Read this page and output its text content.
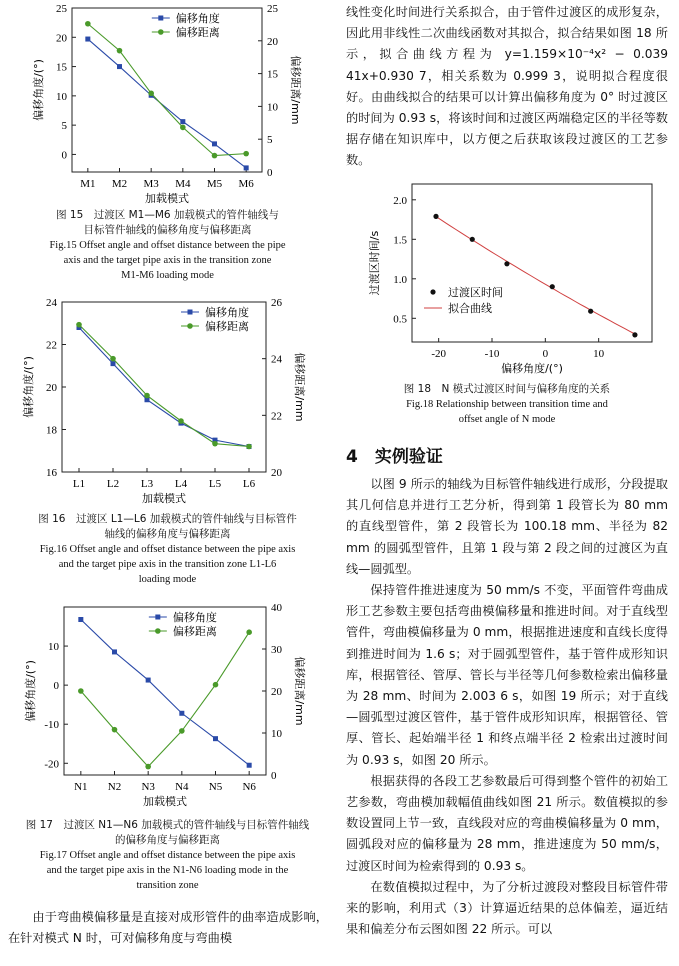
0
5
10
15
20
25
0
5
10
15
20
25
M1 M2 M3 M4 M5 M6
加载模式
偏移角度/(°)	偏移距离/mm
偏移角度
偏移距离
图 15　过渡区 M1—M6 加载模式的管件轴线与
目标管件轴线的偏移角度与偏移距离
Fig.15 Offset angle and offset distance between the pipe
axis and the target pipe axis in the transition zone
M1-M6 loading mode
16
18
20
22
24
20
22
24
26
L1 L2 L3 L4 L5 L6
加载模式
偏移角度/(°)	偏移距离/mm
偏移角度
偏移距离
图 16　过渡区 L1—L6 加载模式的管件轴线与目标管件
轴线的偏移角度与偏移距离
Fig.16 Offset angle and offset distance between the pipe axis
and the target pipe axis in the transition zone L1-L6
loading mode
-20
-10
0
10
0
10
20
30
40
N1 N2 N3 N4 N5 N6
加载模式
偏移角度/(°)	偏移距离/mm
偏移角度
偏移距离
图 17　过渡区 N1—N6 加载模式的管件轴线与目标管件轴线
的偏移角度与偏移距离
Fig.17 Offset angle and offset distance between the pipe axis
and the target pipe axis in the N1-N6 loading mode in the
transition zone

由于弯曲模偏移量是直接对成形管件的曲率造成影响，在针对模式 N 时，可对偏移角度与弯曲模

线性变化时间进行关系拟合，由于管件过渡区的成形复杂，因此用非线性二次曲线函数对其拟合，拟合结果如图 18 所示，拟合曲线方程为 y=1.159×10⁻⁴x² − 0.039 41x+0.930 7，相关系数为 0.999 3，说明拟合程度很好。由曲线拟合的结果可以计算出偏移角度为 0° 时过渡区的时间为 0.93 s，将该时间和过渡区两端稳定区的半径等数据存储在知识库中，以方便之后获取该段过渡区的工艺参数。

0.5
1.0
1.5
2.0
-20	-10	0	10
偏移角度/(°)
过渡区时间/s	过渡区时间
拟合曲线
图 18　N 模式过渡区时间与偏移角度的关系
Fig.18 Relationship between transition time and
offset angle of N mode
4　实例验证

以图 9 所示的轴线为目标管件轴线进行成形，分段提取其几何信息并进行工艺分析，得到第 1 段管长为 80 mm 的直线型管件，第 2 段管长为 100.18 mm、半径为 82 mm 的圆弧型管件，且第 1 段与第 2 段之间的过渡区为直线—圆弧型。

保持管件推进速度为 50 mm/s 不变，平面管件弯曲成形工艺参数主要包括弯曲模偏移量和推进时间。对于直线型管件，弯曲模偏移量为 0 mm，根据推进速度和直线长度得到推进时间为 1.6 s；对于圆弧型管件，基于管件成形知识库，根据管径、管厚、管长与半径等几何参数检索出偏移量为 28 mm、时间为 2.003 6 s，如图 19 所示；对于直线—圆弧型过渡区管件，基于管件成形知识库，根据管径、管厚、管长、起始端半径 1 和终点端半径 2 检索出过渡时间为 0.93 s，如图 20 所示。

根据获得的各段工艺参数最后可得到整个管件的初始工艺参数，弯曲模加载幅值曲线如图 21 所示。数值模拟的参数设置同上节一致，直线段对应的弯曲模偏移量为 0 mm，圆弧段对应的偏移量为 28 mm，推进速度为 50 mm/s，过渡区时间为检索得到的 0.93 s。

在数值模拟过程中，为了分析过渡段对整段目标管件带来的影响，利用式（3）计算逼近结果的总体偏差，逼近结果和偏差分布云图如图 22 所示。可以
